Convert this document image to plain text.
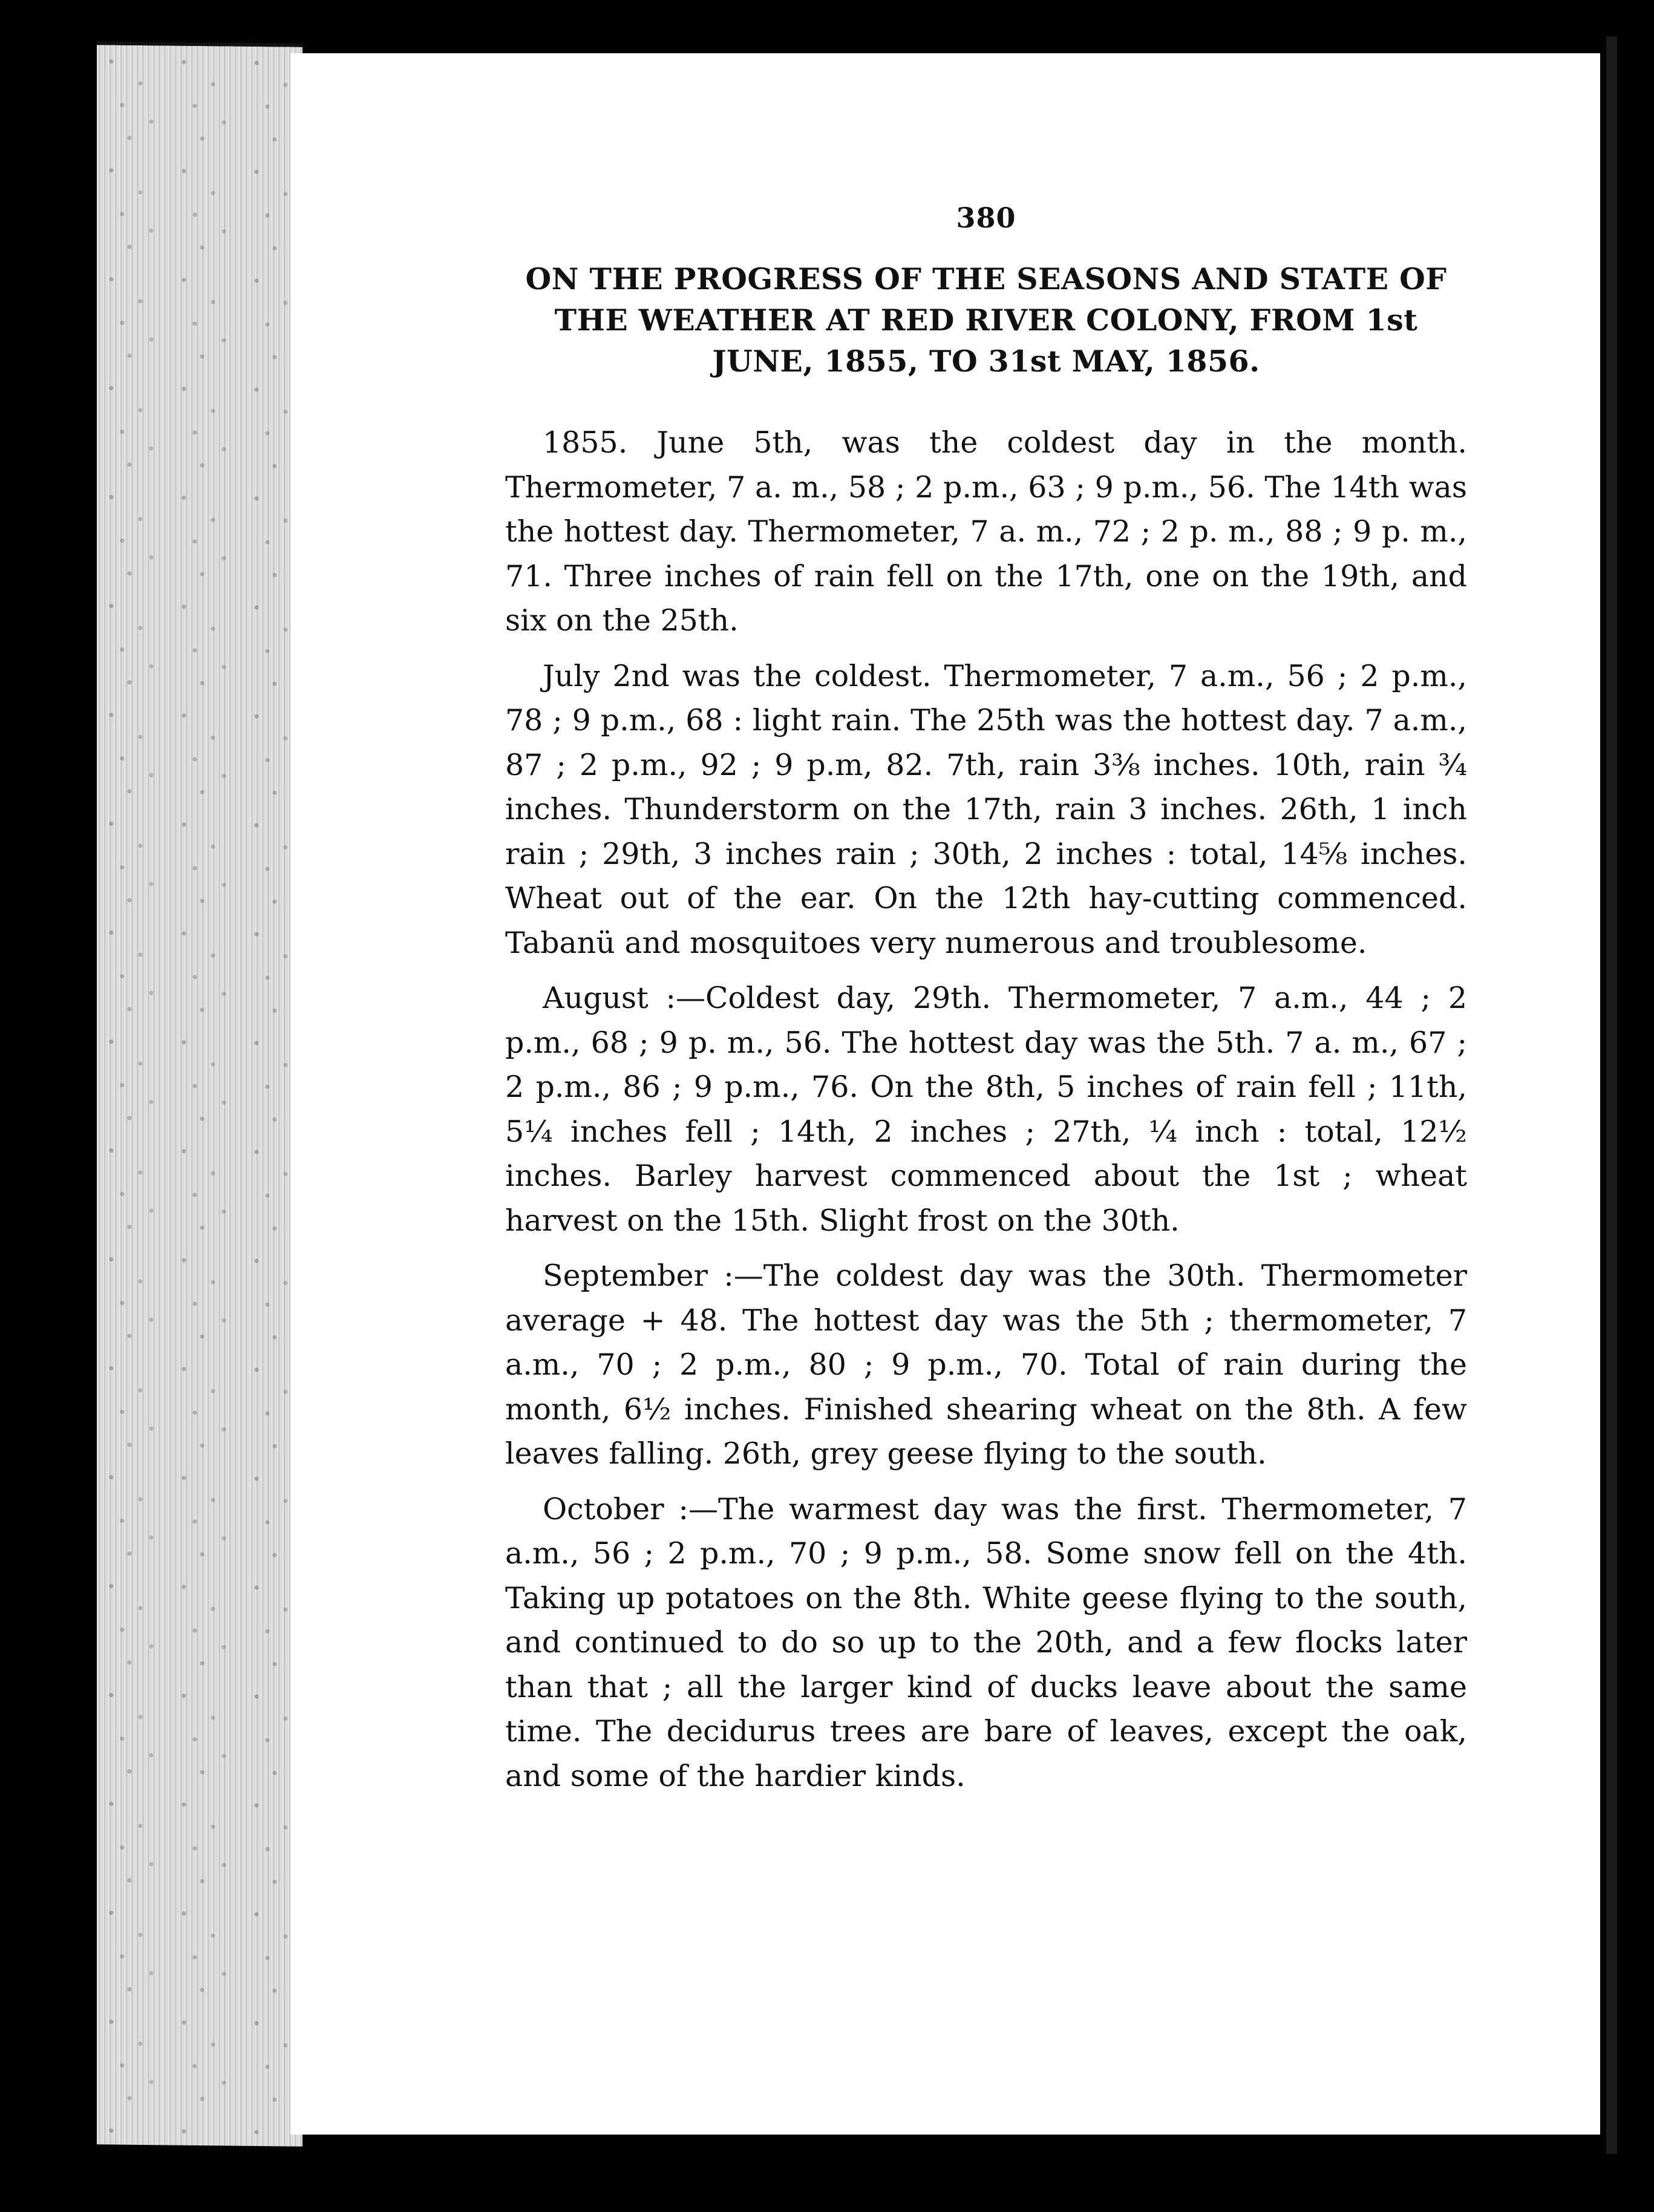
380
ON THE PROGRESS OF THE SEASONS AND STATE OF THE WEATHER AT RED RIVER COLONY, FROM 1st JUNE, 1855, TO 31st MAY, 1856.

1855. June 5th, was the coldest day in the month. Thermometer, 7 a. m., 58 ; 2 p.m., 63 ; 9 p.m., 56. The 14th was the hottest day. Thermometer, 7 a. m., 72 ; 2 p. m., 88 ; 9 p. m., 71. Three inches of rain fell on the 17th, one on the 19th, and six on the 25th.

July 2nd was the coldest. Thermometer, 7 a.m., 56 ; 2 p.m., 78 ; 9 p.m., 68 : light rain. The 25th was the hottest day. 7 a.m., 87 ; 2 p.m., 92 ; 9 p.m, 82. 7th, rain 3⅜ inches. 10th, rain ¾ inches. Thunderstorm on the 17th, rain 3 inches. 26th, 1 inch rain ; 29th, 3 inches rain ; 30th, 2 inches : total, 14⅝ inches. Wheat out of the ear. On the 12th hay-cutting commenced. Tabanü and mosquitoes very numerous and troublesome.

August :—Coldest day, 29th. Thermometer, 7 a.m., 44 ; 2 p.m., 68 ; 9 p. m., 56. The hottest day was the 5th. 7 a. m., 67 ; 2 p.m., 86 ; 9 p.m., 76. On the 8th, 5 inches of rain fell ; 11th, 5¼ inches fell ; 14th, 2 inches ; 27th, ¼ inch : total, 12½ inches. Barley harvest commenced about the 1st ; wheat harvest on the 15th. Slight frost on the 30th.

September :—The coldest day was the 30th. Thermometer average + 48. The hottest day was the 5th ; thermometer, 7 a.m., 70 ; 2 p.m., 80 ; 9 p.m., 70. Total of rain during the month, 6½ inches. Finished shearing wheat on the 8th. A few leaves falling. 26th, grey geese flying to the south.

October :—The warmest day was the first. Thermometer, 7 a.m., 56 ; 2 p.m., 70 ; 9 p.m., 58. Some snow fell on the 4th. Taking up potatoes on the 8th. White geese flying to the south, and continued to do so up to the 20th, and a few flocks later than that ; all the larger kind of ducks leave about the same time. The decidurus trees are bare of leaves, except the oak, and some of the hardier kinds.
